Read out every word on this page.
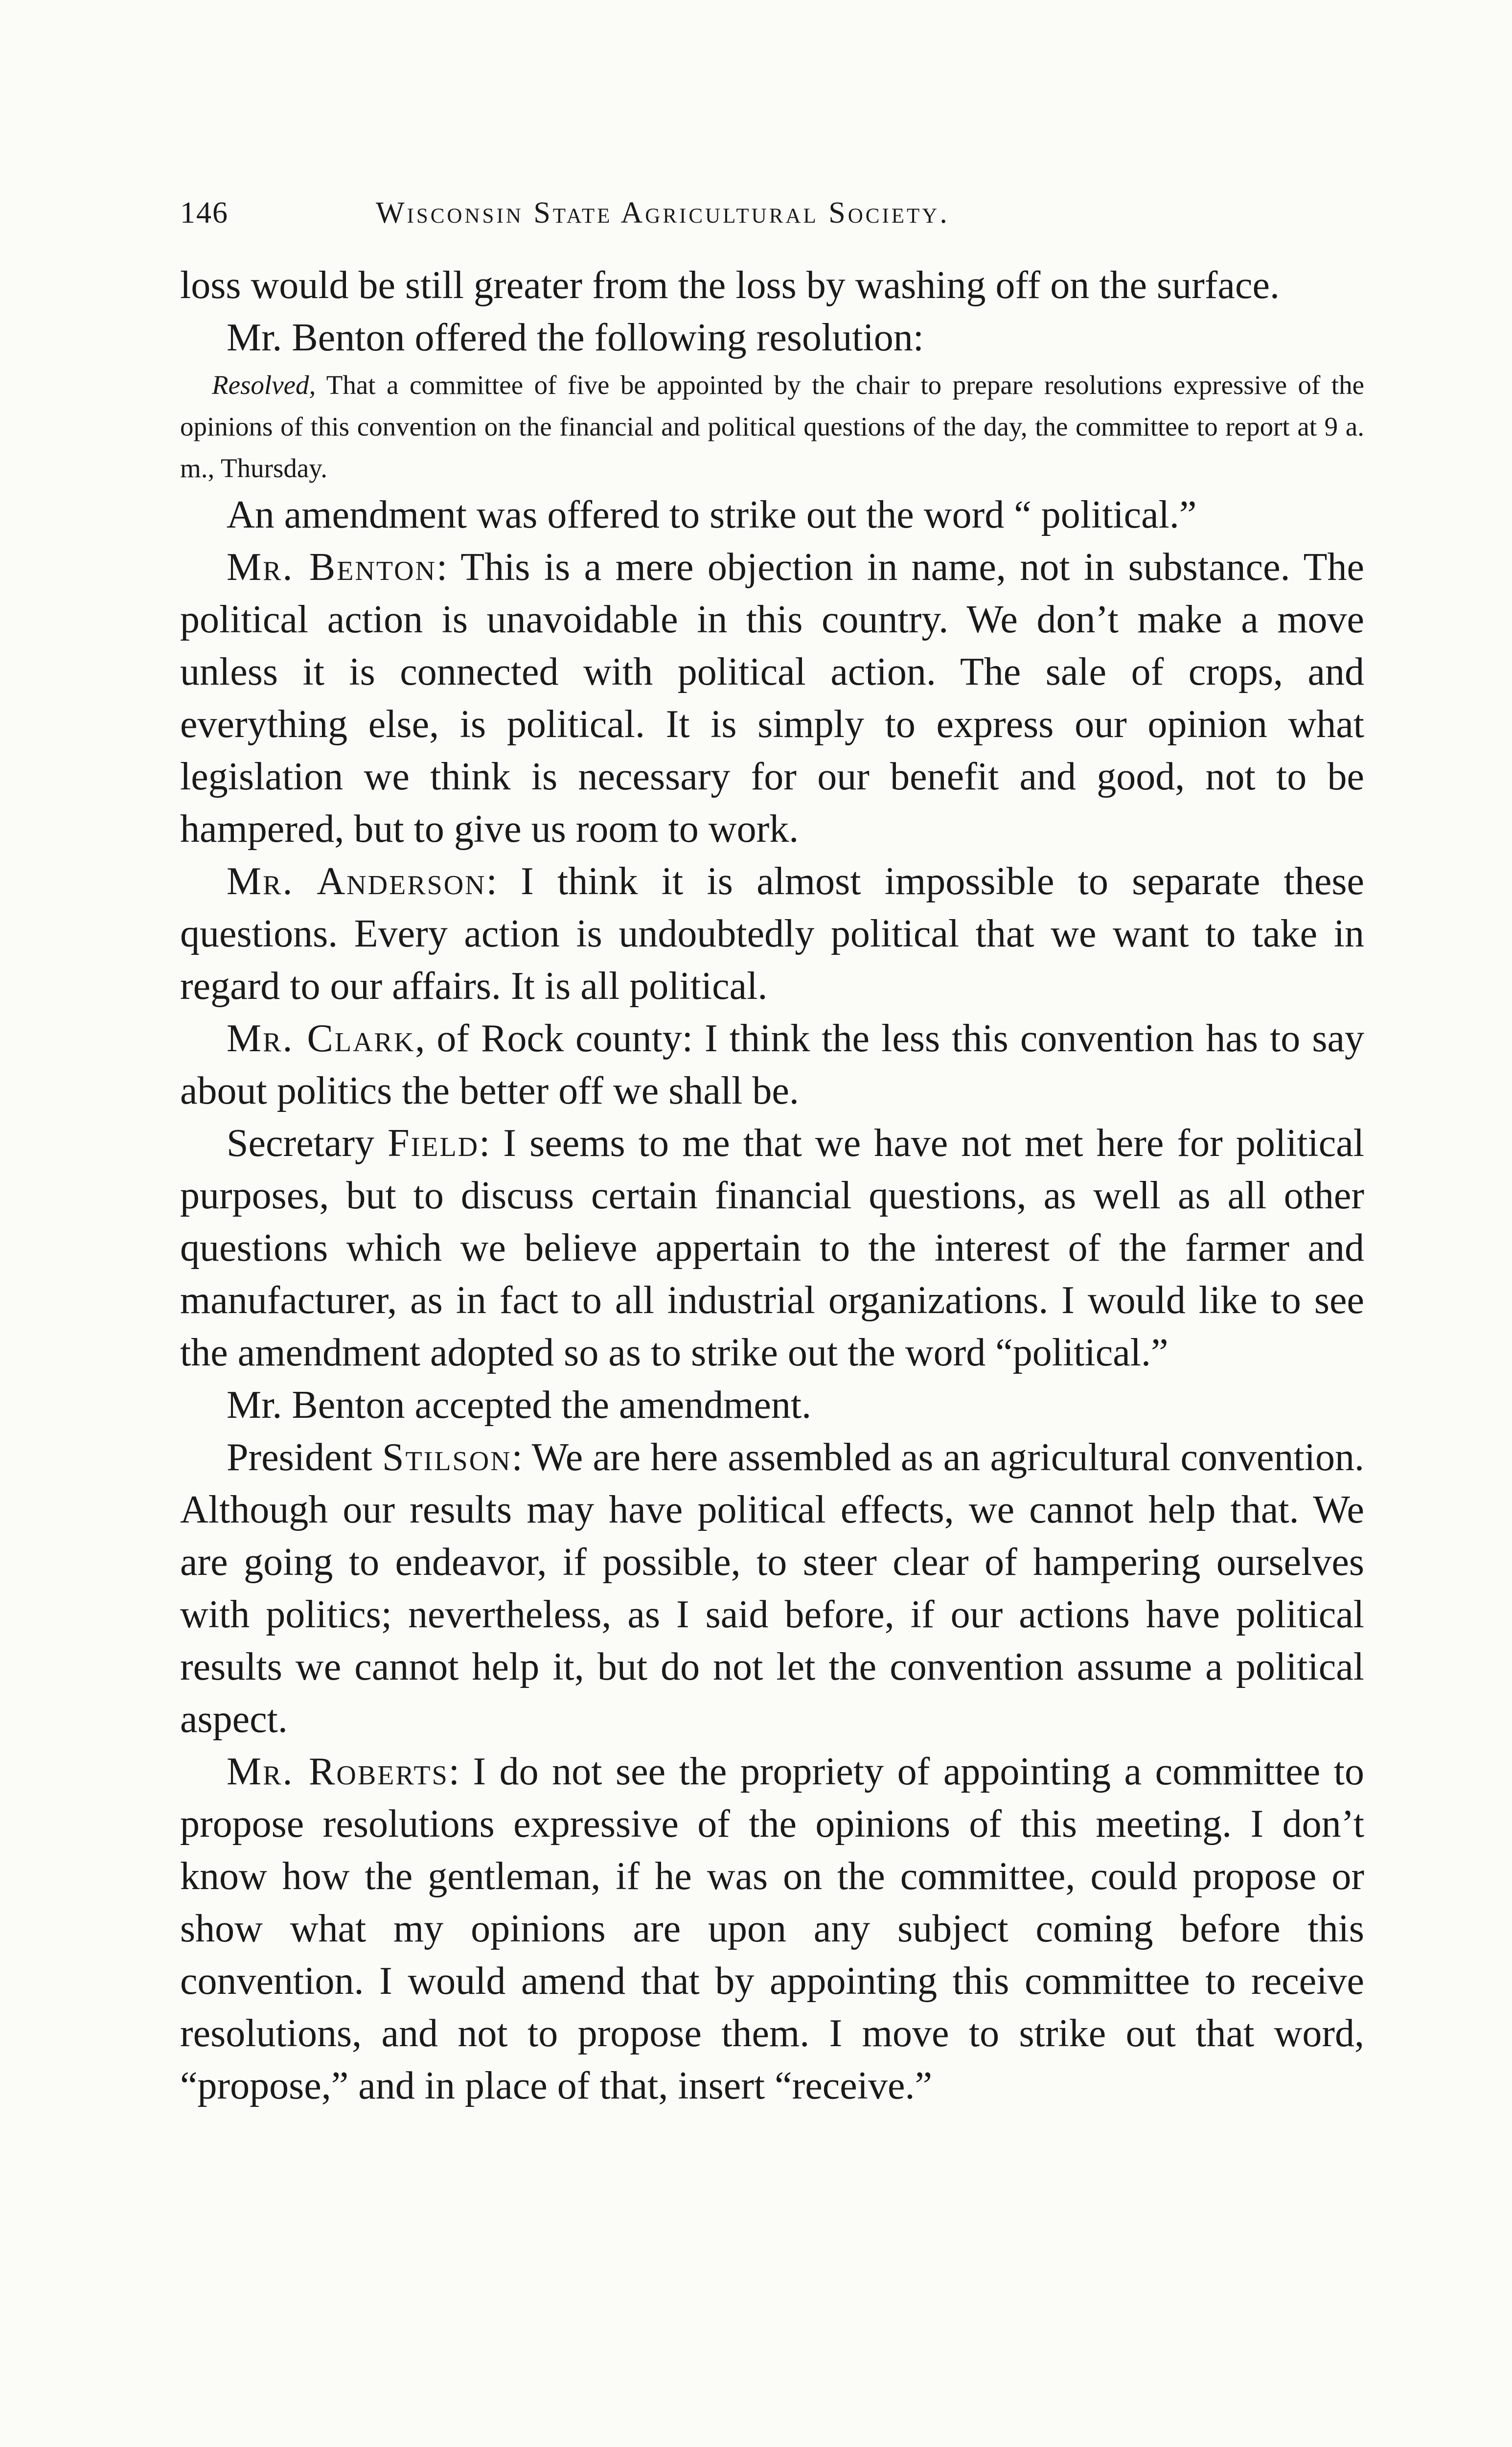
146	Wisconsin State Agricultural Society.

loss would be still greater from the loss by washing off on the surface.

Mr. Benton offered the following resolution:

Resolved, That a committee of five be appointed by the chair to prepare resolutions expressive of the opinions of this convention on the financial and political questions of the day, the committee to report at 9 a. m., Thursday.

An amendment was offered to strike out the word “ political.”

Mr. Benton: This is a mere objection in name, not in substance. The political action is unavoidable in this country. We don’t make a move unless it is connected with political action. The sale of crops, and everything else, is political. It is simply to express our opinion what legislation we think is necessary for our benefit and good, not to be hampered, but to give us room to work.

Mr. Anderson: I think it is almost impossible to separate these questions. Every action is undoubtedly political that we want to take in regard to our affairs. It is all political.

Mr. Clark, of Rock county: I think the less this convention has to say about politics the better off we shall be.

Secretary Field: I seems to me that we have not met here for political purposes, but to discuss certain financial questions, as well as all other questions which we believe appertain to the interest of the farmer and manufacturer, as in fact to all industrial organizations. I would like to see the amendment adopted so as to strike out the word “political.”

Mr. Benton accepted the amendment.

President Stilson: We are here assembled as an agricultural convention. Although our results may have political effects, we cannot help that. We are going to endeavor, if possible, to steer clear of hampering ourselves with politics; nevertheless, as I said before, if our actions have political results we cannot help it, but do not let the convention assume a political aspect.

Mr. Roberts: I do not see the propriety of appointing a committee to propose resolutions expressive of the opinions of this meeting. I don’t know how the gentleman, if he was on the committee, could propose or show what my opinions are upon any subject coming before this convention. I would amend that by appointing this committee to receive resolutions, and not to propose them. I move to strike out that word, “propose,” and in place of that, insert “receive.”
